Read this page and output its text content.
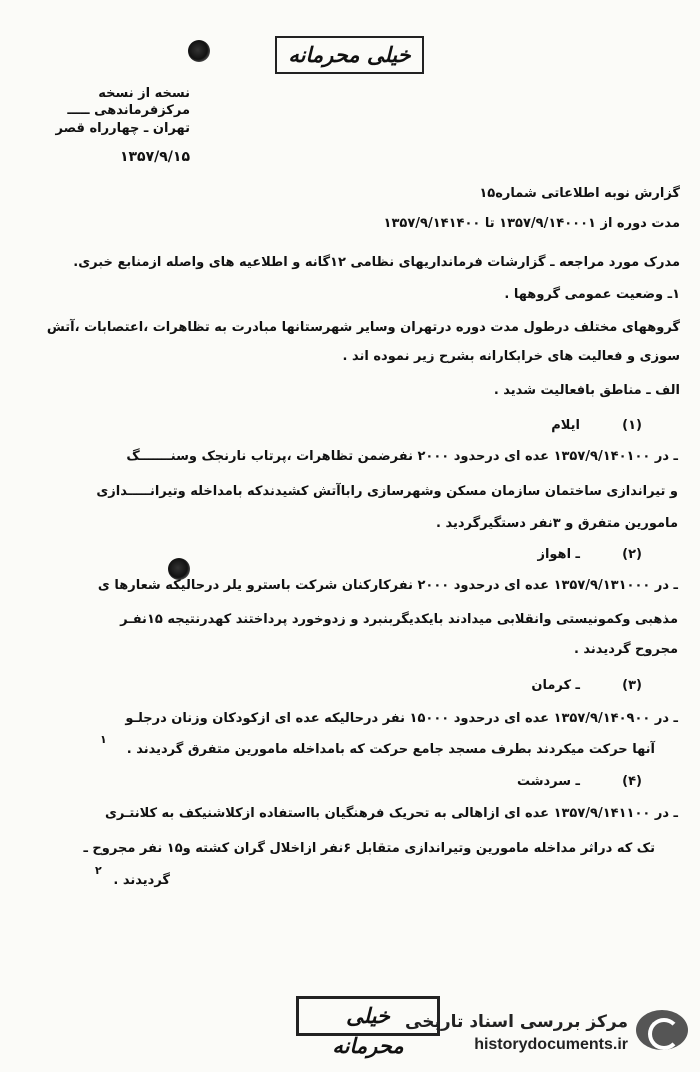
خیلی محرمانه
نسخه از نسخه
مرکزفرماندهی ـــــ
تهران ـ چهارراه قصر
۱۳۵۷/۹/۱۵
گزارش نوبه اطلاعاتی شماره۱۵
مدت دوره از ۱۳۵۷/۹/۱۴۰۰۰۱ تا ۱۳۵۷/۹/۱۴۱۴۰۰
مدرک مورد مراجعه ـ گزارشات فرمانداریهای نظامی ۱۲گانه و اطلاعیه های واصله ازمنابع خبری.
۱ـ وضعیت عمومی گروهها .
گروههای مختلف درطول مدت دوره درتهران وسایر شهرستانها مبادرت به تظاهرات ،اعتصابات ،آتش
سوزی و فعالیت های خرابکارانه بشرح زیر نموده اند .
الف ـ مناطق بافعالیت شدید .
ایلام	(۱)
ـ در ۱۳۵۷/۹/۱۴۰۱۰۰ عده ای درحدود ۲۰۰۰ نفرضمن تظاهرات ،پرتاب نارنجک وسنـــــــگ
و تیراندازی ساختمان سازمان مسکن وشهرسازی راباآتش کشیدندکه بامداخله وتیرانـــــدازی
مامورین متفرق و ۳نفر دستگیرگردید .
ـ اهواز	(۲)
ـ در ۱۳۵۷/۹/۱۳۱۰۰۰ عده ای درحدود ۲۰۰۰ نفرکارکنان شرکت باسترو یلر درحالیکه شعارها ی
مذهبی وکمونیستی وانقلابی میدادند بایکدیگربنبرد و زدوخورد پرداختند کهدرنتیجه ۱۵نفـر
مجروح گردیدند .
ـ کرمان	(۳)
ـ در ۱۳۵۷/۹/۱۴۰۹۰۰ عده ای درحدود ۱۵۰۰۰ نفر درحالیکه عده ای ازکودکان وزنان درجلـو
آنها حرکت میکردند بطرف مسجد جامع حرکت که بامداخله مامورین متفرق گردیدند .
۱
ـ سردشت	(۴)
ـ در ۱۳۵۷/۹/۱۴۱۱۰۰ عده ای ازاهالی به تحریک فرهنگیان بااستفاده ازکلاشنیکف به کلانتـری
تک که دراثر مداخله مامورین وتیراندازی متقابل ۶نفر ازاخلال گران کشته و۱۵ نفر مجروح ـ
گردیدند .
۲
خیلی محرمانه
مرکز بررسی اسناد تاریخی
historydocuments.ir
